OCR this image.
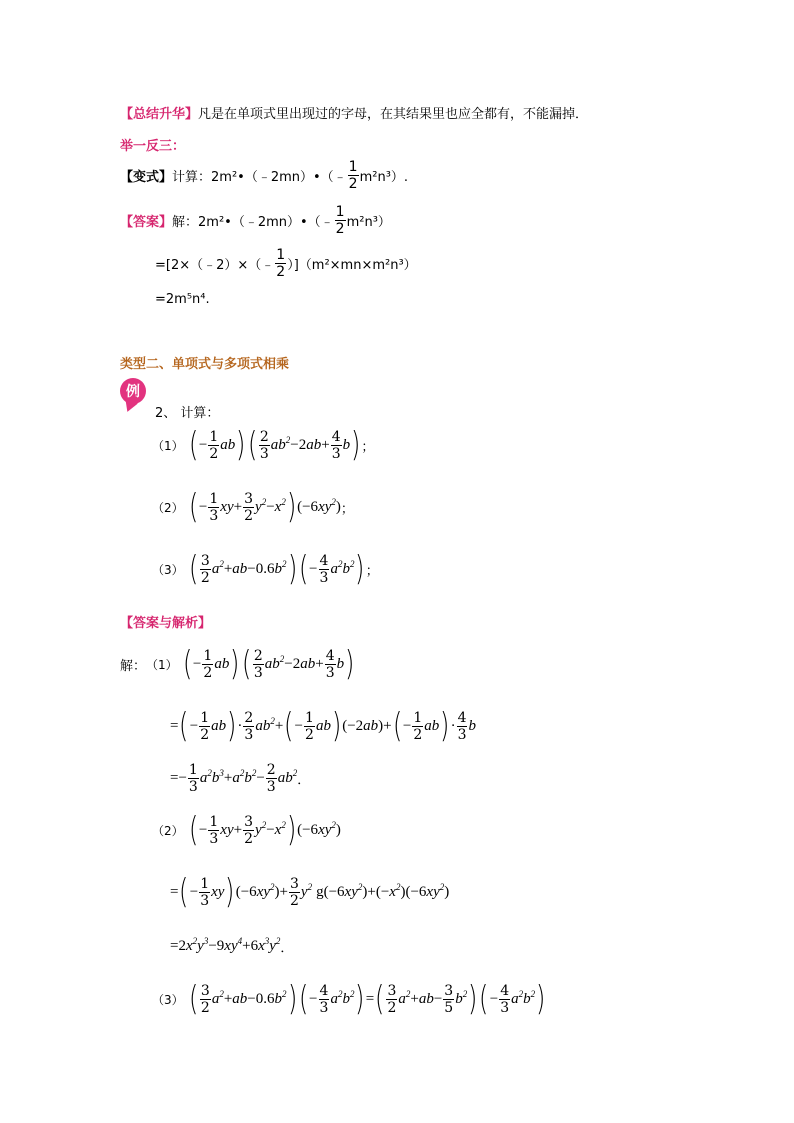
【总结升华】凡是在单项式里出现过的字母，在其结果里也应全都有，不能漏掉．
举一反三：
【变式】 计算：2m²•（﹣2mn）•（﹣ $\frac{1}{2} m^2n^3$）.
【答案】 解：2m²•（﹣2mn）•（﹣ $\frac{1}{2} m^2n^3$）
=[2×（﹣2）×（﹣ $\frac{1}{2} )](m^2\times mn\times m^2n^3)$
=2m⁵n⁴.
类型二、单项式与多项式相乘
例
2、 计算：
（1） ( − $\frac{1}{2}$ ab ) ( $\frac{2}{3} ab^2 -2$ ab + $\frac{4}{3}$ b ) ；
（2） ( − $\frac{1}{3}$ xy + $\frac{3}{2} y^2 - x^2$ ) (−6 $xy^2$ ) ；
（3） ( $\frac{3}{2} a^2$ + ab −0.6 $b^2$ ) ( − $\frac{4}{3} a^2b^2$ ) ；
【答案与解析】
解： （1） ( − $\frac{1}{2}$ ab ) ( $\frac{2}{3} ab^2 -2$ ab + $\frac{4}{3}$ b )
= ( − $\frac{1}{2}$ ab ) · $\frac{2}{3} ab^2$ + ( − $\frac{1}{2}$ ab ) (−2 ab )+ ( − $\frac{1}{2}$ ab ) · $\frac{4}{3}$ b
=− $\frac{1}{3} a^2b^3 + a^2b^2 - \frac{2}{3} ab^2$ ．
（2） ( − $\frac{1}{3}$ xy + $\frac{3}{2} y^2 - x^2$ ) (−6 $xy^2$ )
= ( − $\frac{1}{3}$ xy ) (−6 $xy^2$ )+ $\frac{3}{2} y^2$ g(−6 $xy^2$ )+(− $x^2$ )(−6 $xy^2$ )
=2 $x^2y^3 -9$ $xy^4 +6$ $x^3y^2$ ．
（3） ( $\frac{3}{2} a^2$ + ab −0.6 $b^2$ ) ( − $\frac{4}{3} a^2b^2$ ) = ( $\frac{3}{2} a^2$ + ab − $\frac{3}{5} b^2$ ) ( − $\frac{4}{3} a^2b^2$ )
